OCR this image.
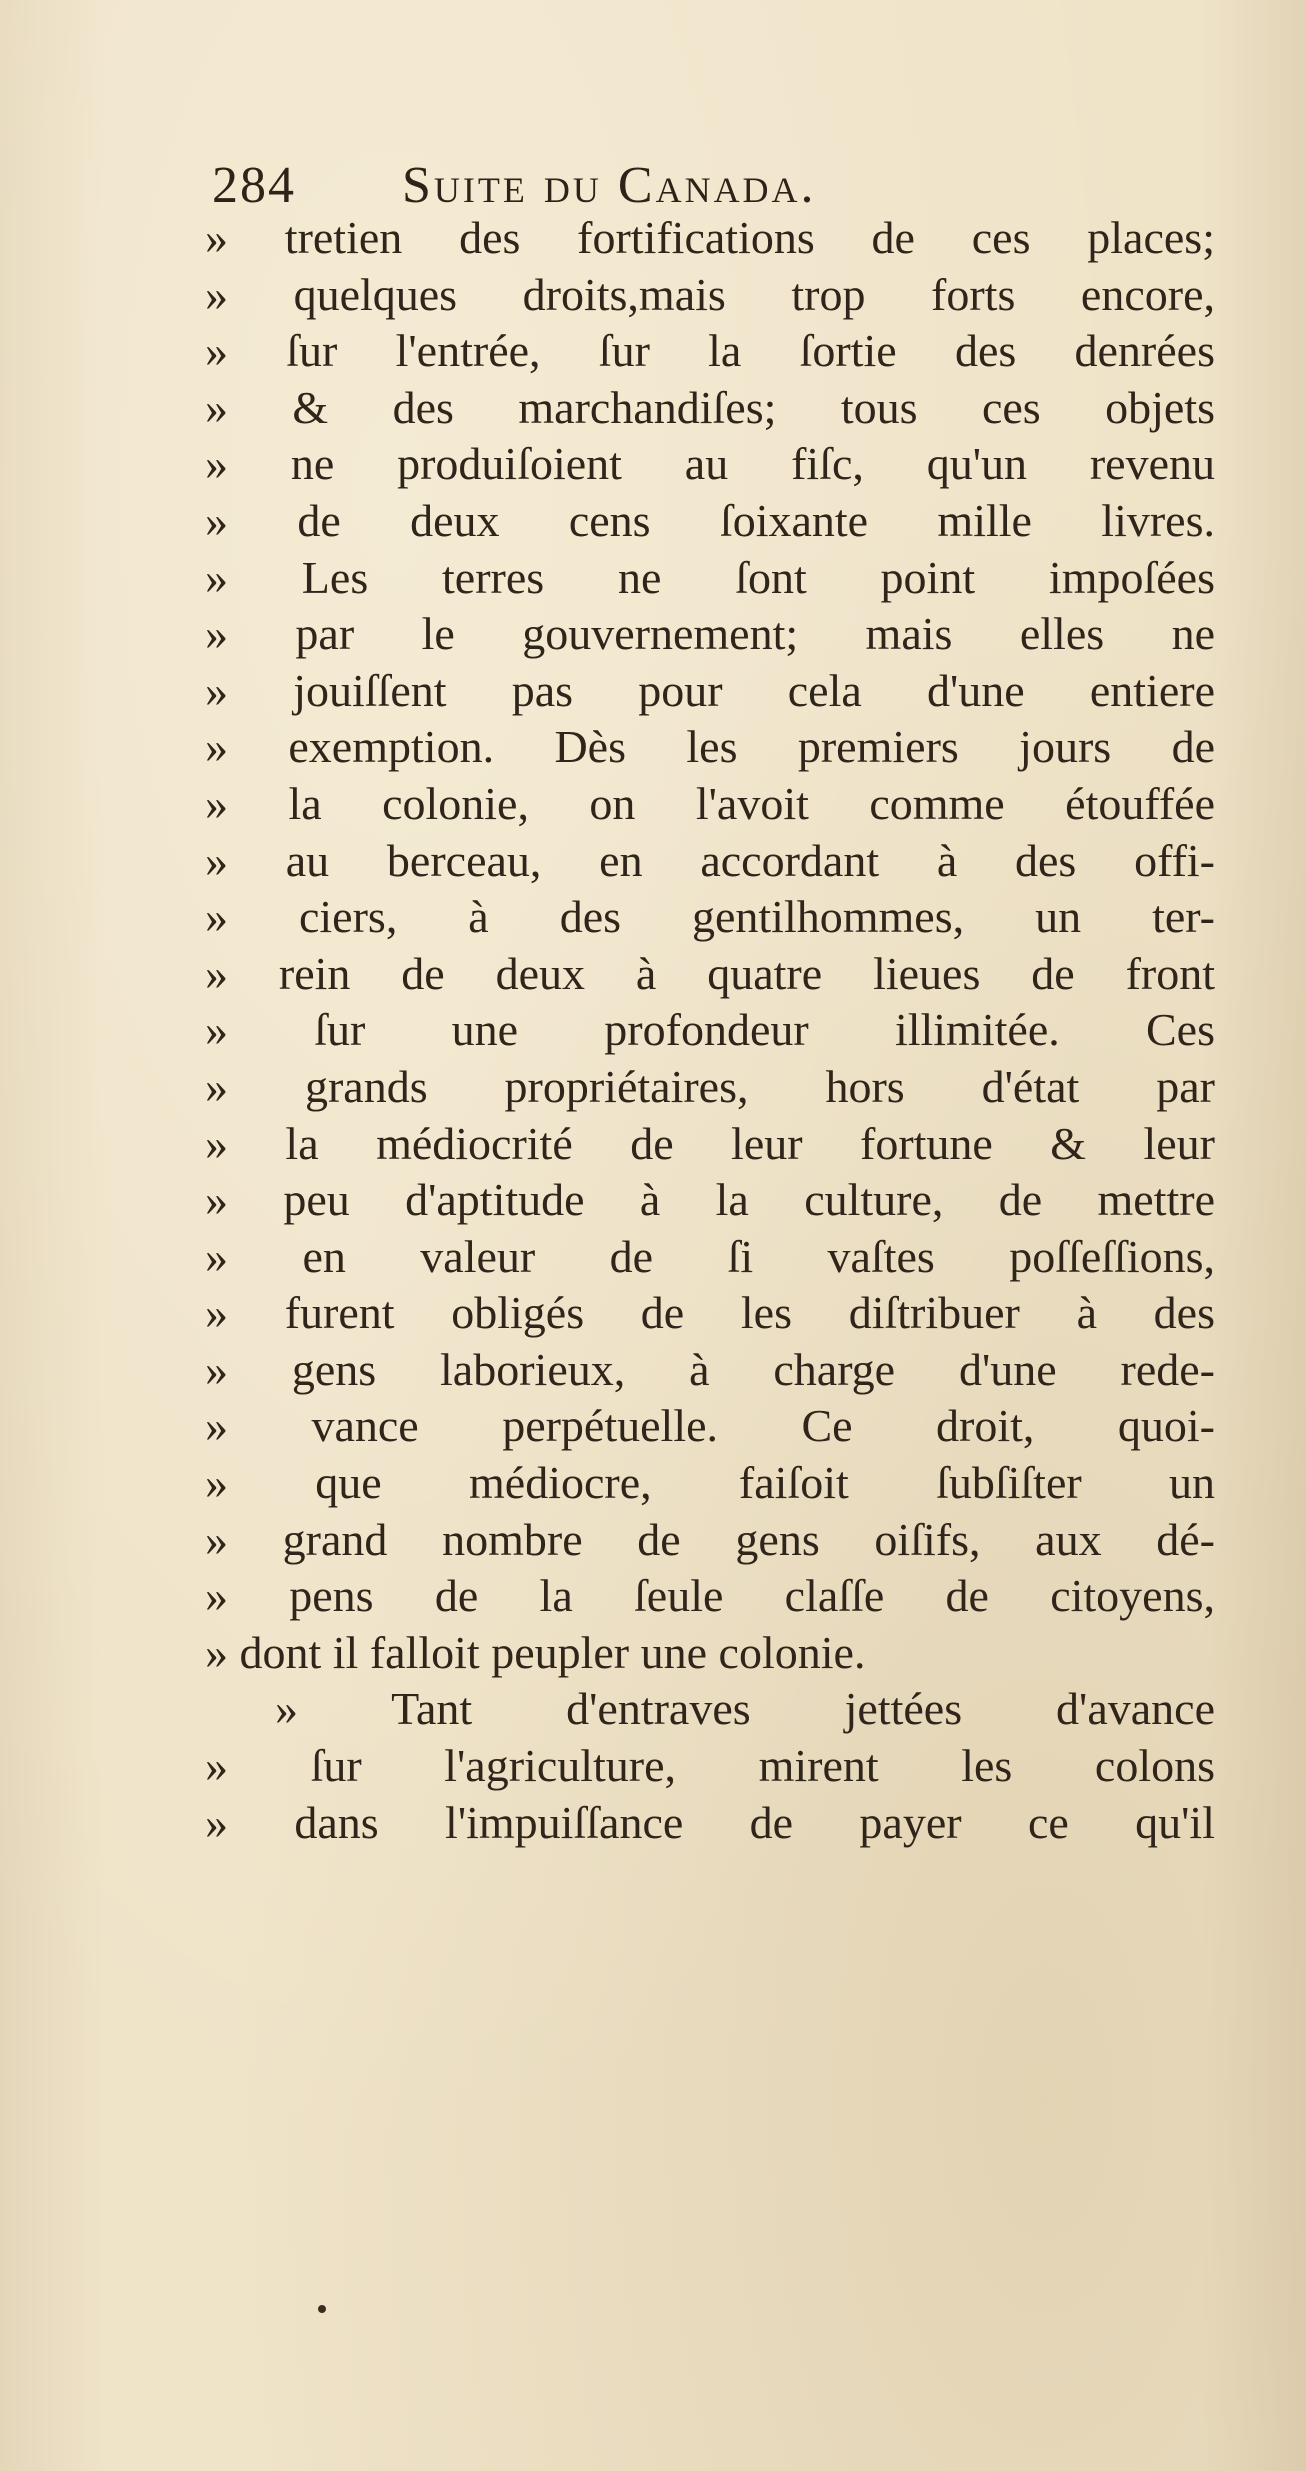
284 Suite du Canada.
» tretien des fortifications de ces places;
» quelques droits,mais trop forts encore,
» ſur l'entrée, ſur la ſortie des denrées
» & des marchandiſes; tous ces objets
» ne produiſoient au fiſc, qu'un revenu
» de deux cens ſoixante mille livres.
» Les terres ne ſont point impoſées
» par le gouvernement; mais elles ne
» jouiſſent pas pour cela d'une entiere
» exemption. Dès les premiers jours de
» la colonie, on l'avoit comme étouffée
» au berceau, en accordant à des offi-
» ciers, à des gentilhommes, un ter-
» rein de deux à quatre lieues de front
» ſur une profondeur illimitée. Ces
» grands propriétaires, hors d'état par
» la médiocrité de leur fortune & leur
» peu d'aptitude à la culture, de mettre
» en valeur de ſi vaſtes poſſeſſions,
» furent obligés de les diſtribuer à des
» gens laborieux, à charge d'une rede-
» vance perpétuelle. Ce droit, quoi-
» que médiocre, faiſoit ſubſiſter un
» grand nombre de gens oiſifs, aux dé-
» pens de la ſeule claſſe de citoyens,
» dont il falloit peupler une colonie.
» Tant d'entraves jettées d'avance
» ſur l'agriculture, mirent les colons
» dans l'impuiſſance de payer ce qu'il
